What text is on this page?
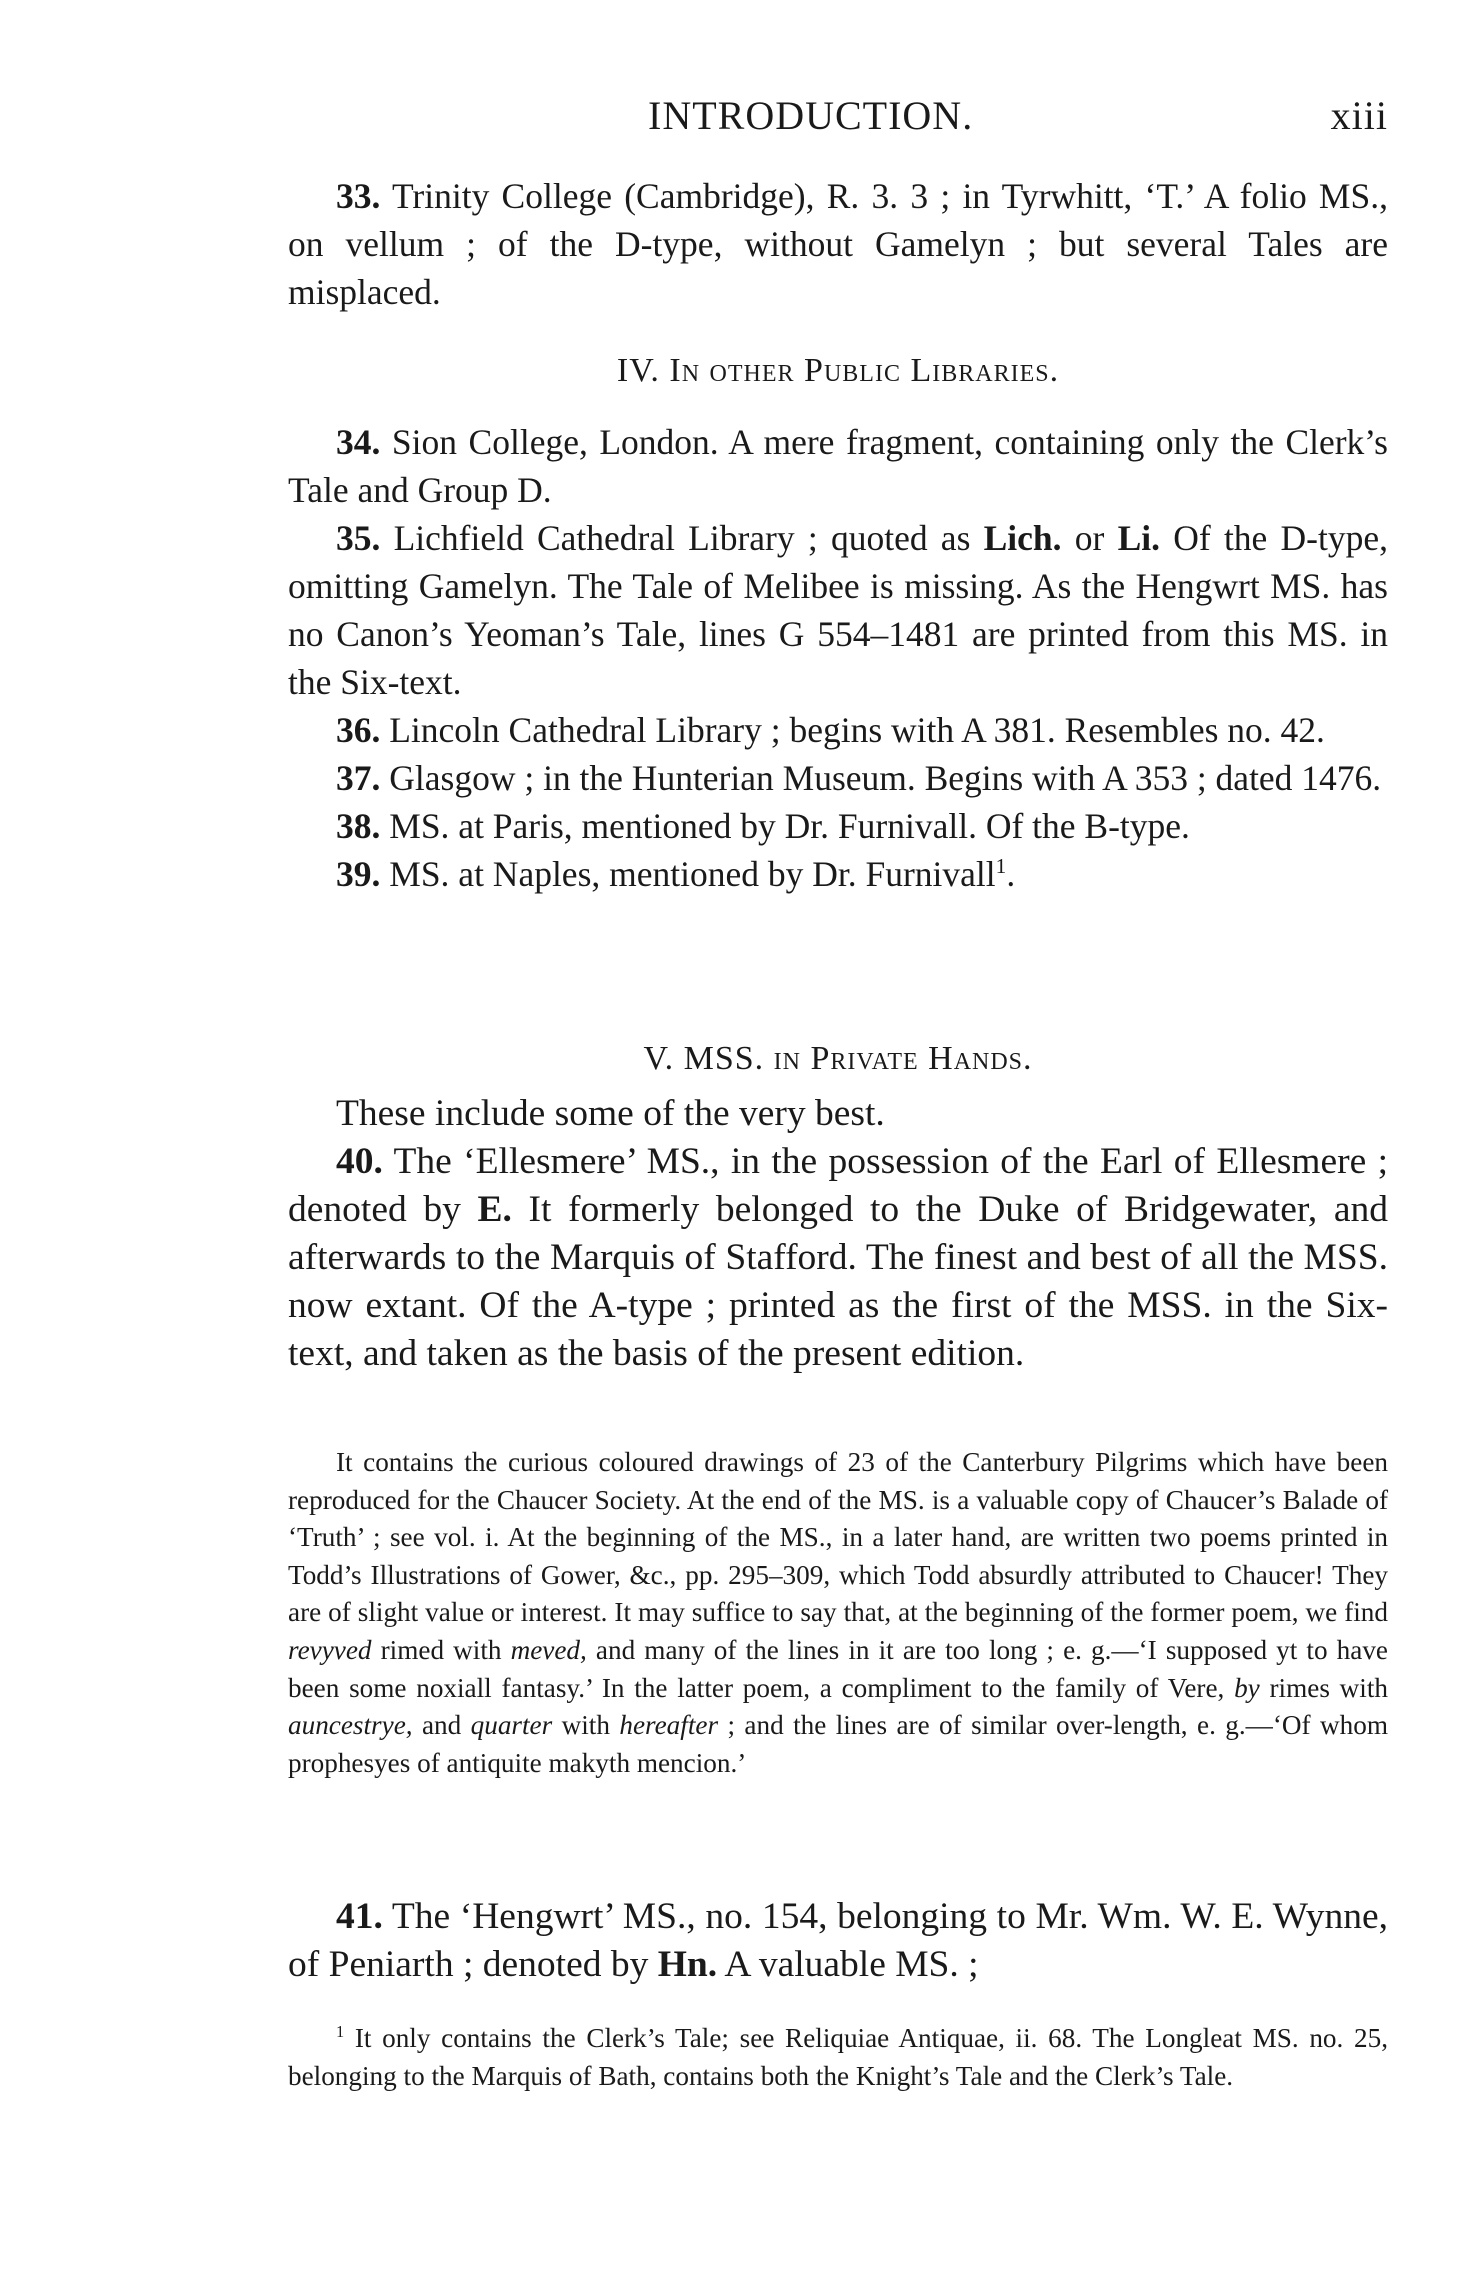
INTRODUCTION.	xiii

33. Trinity College (Cambridge), R. 3. 3 ; in Tyrwhitt, ‘T.’ A folio MS., on vellum ; of the D-type, without Gamelyn ; but several Tales are misplaced.

IV. In other Public Libraries.

34. Sion College, London. A mere fragment, containing only the Clerk’s Tale and Group D.

35. Lichfield Cathedral Library ; quoted as Lich. or Li. Of the D-type, omitting Gamelyn. The Tale of Melibee is missing. As the Hengwrt MS. has no Canon’s Yeoman’s Tale, lines G 554–1481 are printed from this MS. in the Six-text.

36. Lincoln Cathedral Library ; begins with A 381. Resembles no. 42.

37. Glasgow ; in the Hunterian Museum. Begins with A 353 ; dated 1476.

38. MS. at Paris, mentioned by Dr. Furnivall. Of the B-type.

39. MS. at Naples, mentioned by Dr. Furnivall$^1$.

V. MSS. in Private Hands.

These include some of the very best.

40. The ‘Ellesmere’ MS., in the possession of the Earl of Ellesmere ; denoted by E. It formerly belonged to the Duke of Bridgewater, and afterwards to the Marquis of Stafford. The finest and best of all the MSS. now extant. Of the A-type ; printed as the first of the MSS. in the Six-text, and taken as the basis of the present edition.

It contains the curious coloured drawings of 23 of the Canterbury Pilgrims which have been reproduced for the Chaucer Society. At the end of the MS. is a valuable copy of Chaucer’s Balade of ‘Truth’ ; see vol. i. At the beginning of the MS., in a later hand, are written two poems printed in Todd’s Illustrations of Gower, &c., pp. 295–309, which Todd absurdly attributed to Chaucer! They are of slight value or interest. It may suffice to say that, at the beginning of the former poem, we find revyved rimed with meved, and many of the lines in it are too long ; e. g.—‘I supposed yt to have been some noxiall fantasy.’ In the latter poem, a compliment to the family of Vere, by rimes with auncestrye, and quarter with hereafter ; and the lines are of similar over-length, e. g.—‘Of whom prophesyes of antiquite makyth mencion.’

41. The ‘Hengwrt’ MS., no. 154, belonging to Mr. Wm. W. E. Wynne, of Peniarth ; denoted by Hn. A valuable MS. ;

$^1$ It only contains the Clerk’s Tale; see Reliquiae Antiquae, ii. 68. The Longleat MS. no. 25, belonging to the Marquis of Bath, contains both the Knight’s Tale and the Clerk’s Tale.
